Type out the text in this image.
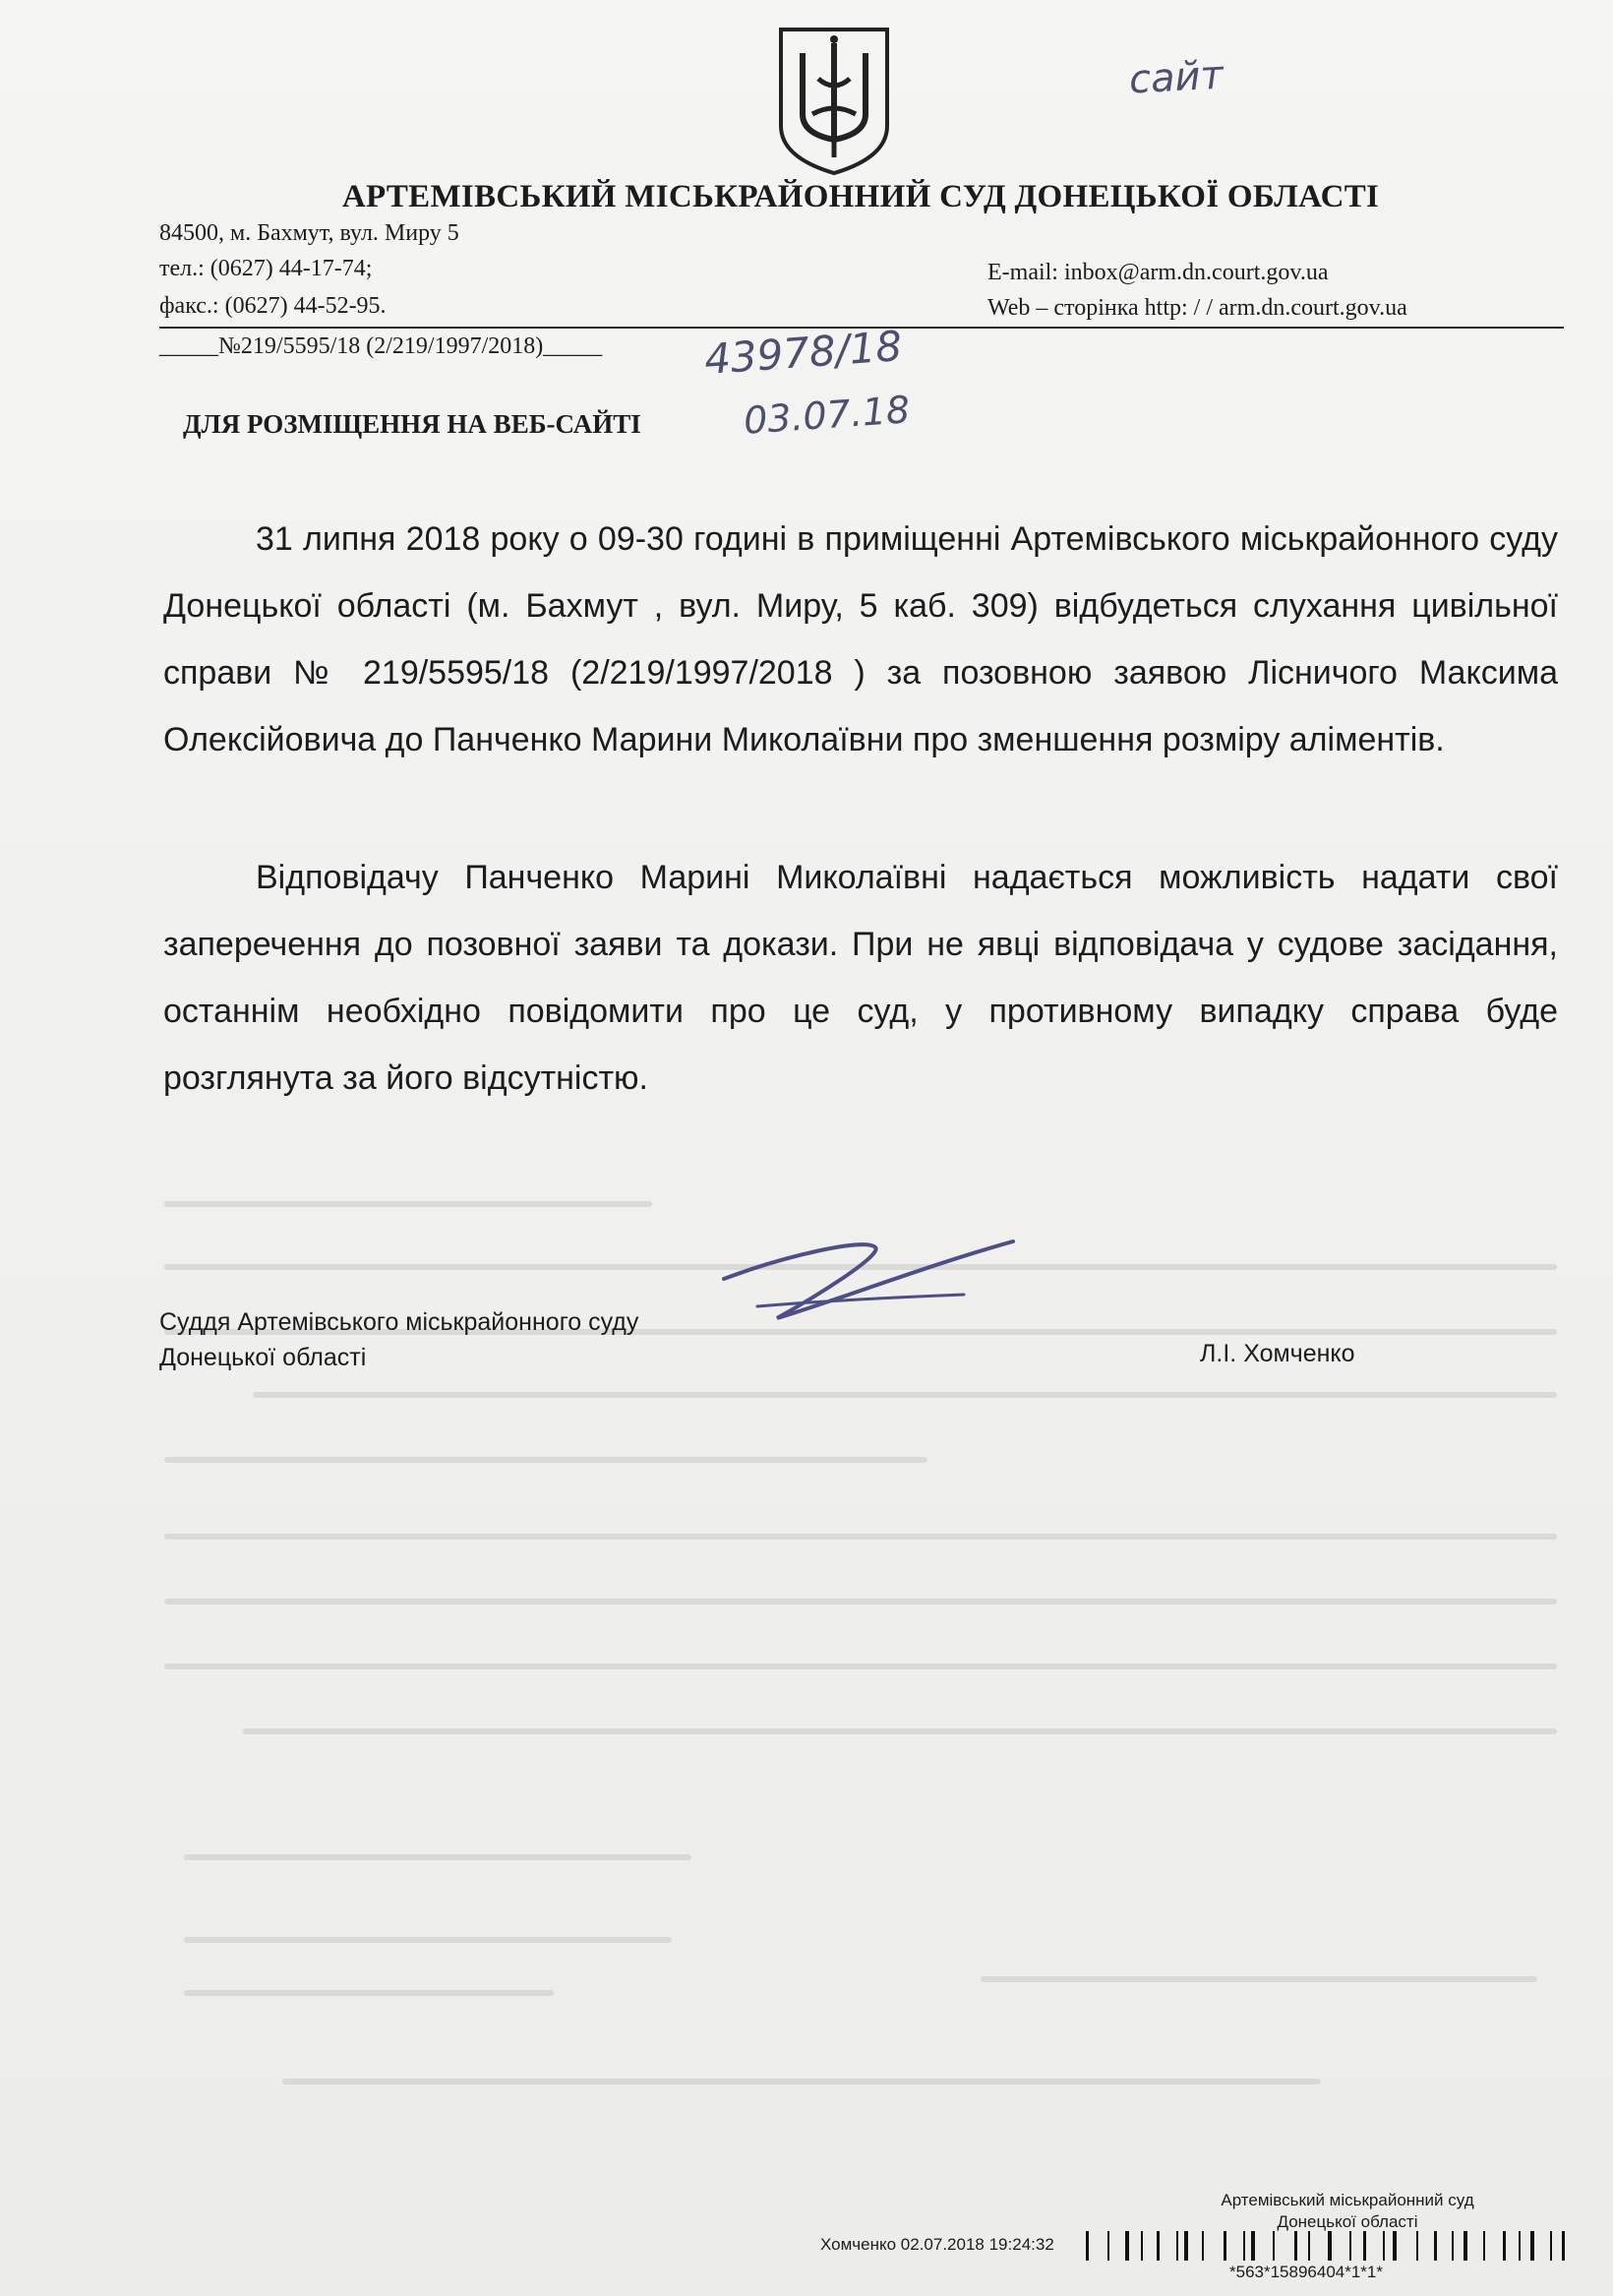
АРТЕМІВСЬКИЙ МІСЬКРАЙОННИЙ СУД ДОНЕЦЬКОЇ ОБЛАСТІ
84500, м. Бахмут, вул. Миру 5
тел.: (0627) 44-17-74;
факс.: (0627) 44-52-95.
E-mail: inbox@arm.dn.court.gov.ua
Web – сторінка http: / / arm.dn.court.gov.ua
_____№219/5595/18 (2/219/1997/2018)_____
сайт
43978/18
03.07.18
ДЛЯ РОЗМІЩЕННЯ НА ВЕБ-САЙТІ

31 липня 2018 року о 09-30 годині в приміщенні Артемівського міськрайонного суду Донецької області (м. Бахмут , вул. Миру, 5 каб. 309) відбудеться слухання цивільної справи № 219/5595/18 (2/219/1997/2018 ) за позовною заявою Лісничого Максима Олексійовича до Панченко Марини Миколаївни про зменшення розміру аліментів.

Відповідачу Панченко Марині Миколаївні надається можливість надати свої заперечення до позовної заяви та докази. При не явці відповідача у судове засідання, останнім необхідно повідомити про це суд, у противному випадку справа буде розглянута за його відсутністю.

Суддя Артемівського міськрайонного суду
Донецької області	Л.І. Хомченко
Артемівський міськрайонний суд
Донецької області
Хомченко 02.07.2018 19:24:32
*563*15896404*1*1*
